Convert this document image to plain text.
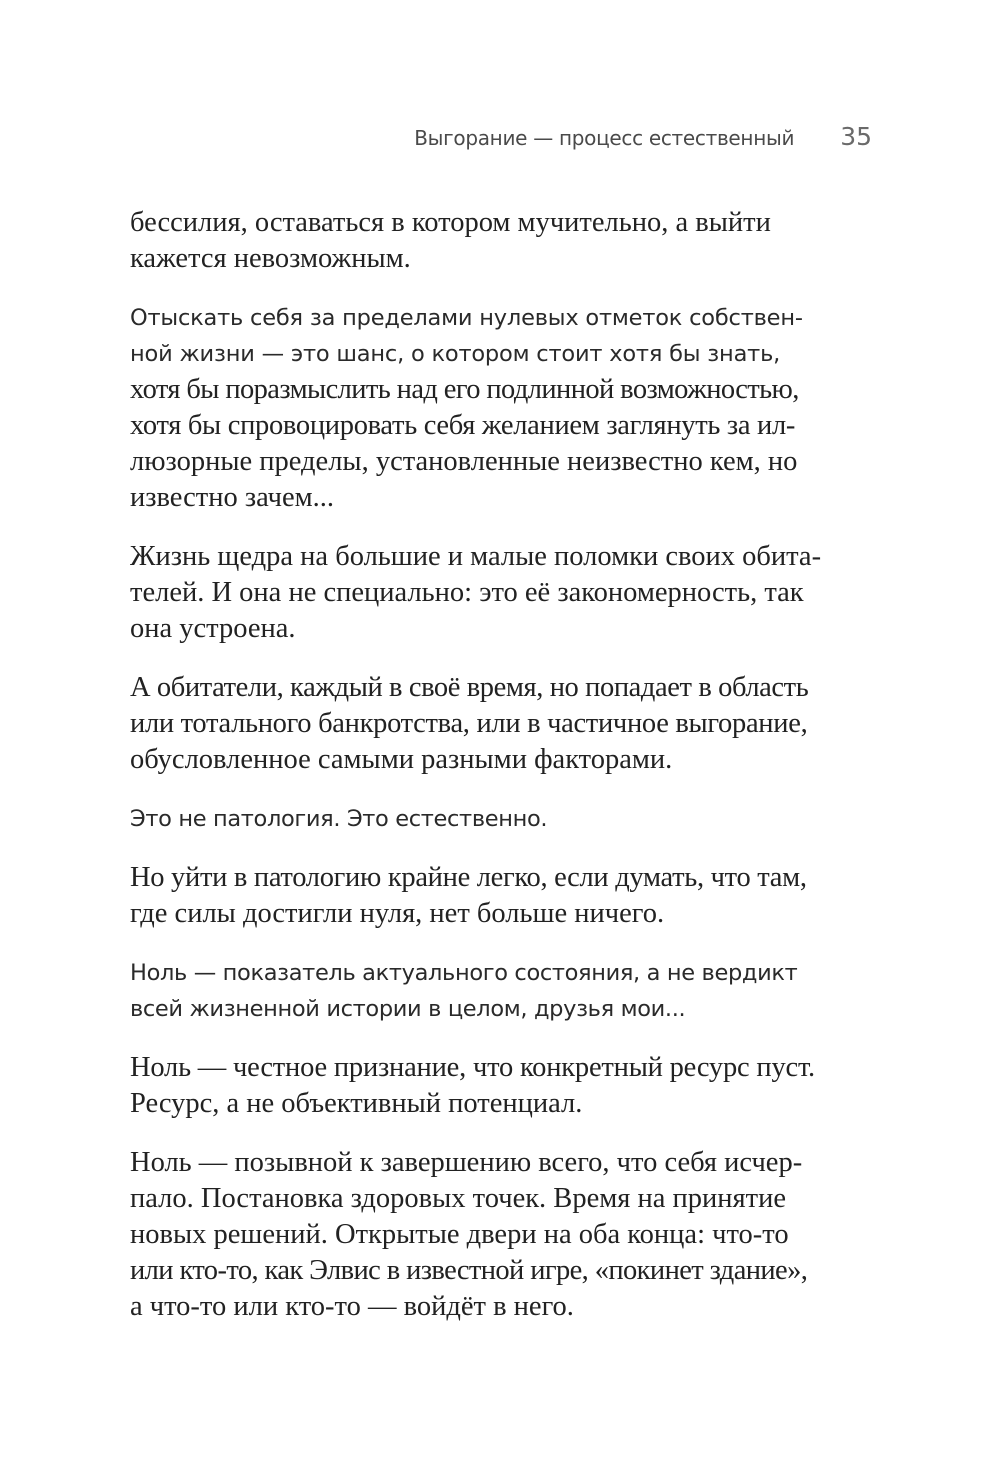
Выгорание — процесс естественный 35

бессилия, оставаться в котором мучительно, а выйти
кажется невозможным.

Отыскать себя за пределами нулевых отметок собствен-
ной жизни — это шанс, о котором стоит хотя бы знать,
хотя бы поразмыслить над его подлинной возможностью,
хотя бы спровоцировать себя желанием заглянуть за ил-
люзорные пределы, установленные неизвестно кем, но
известно зачем...

Жизнь щедра на большие и малые поломки своих обита-
телей. И она не специально: это её закономерность, так
она устроена.

А обитатели, каждый в своё время, но попадает в область
или тотального банкротства, или в частичное выгорание,
обусловленное самыми разными факторами.

Это не патология. Это естественно.

Но уйти в патологию крайне легко, если думать, что там,
где силы достигли нуля, нет больше ничего.

Ноль — показатель актуального состояния, а не вердикт
всей жизненной истории в целом, друзья мои...

Ноль — честное признание, что конкретный ресурс пуст.
Ресурс, а не объективный потенциал.

Ноль — позывной к завершению всего, что себя исчер-
пало. Постановка здоровых точек. Время на принятие
новых решений. Открытые двери на оба конца: что-то
или кто-то, как Элвис в известной игре, «покинет здание»,
а что-то или кто-то — войдёт в него.
